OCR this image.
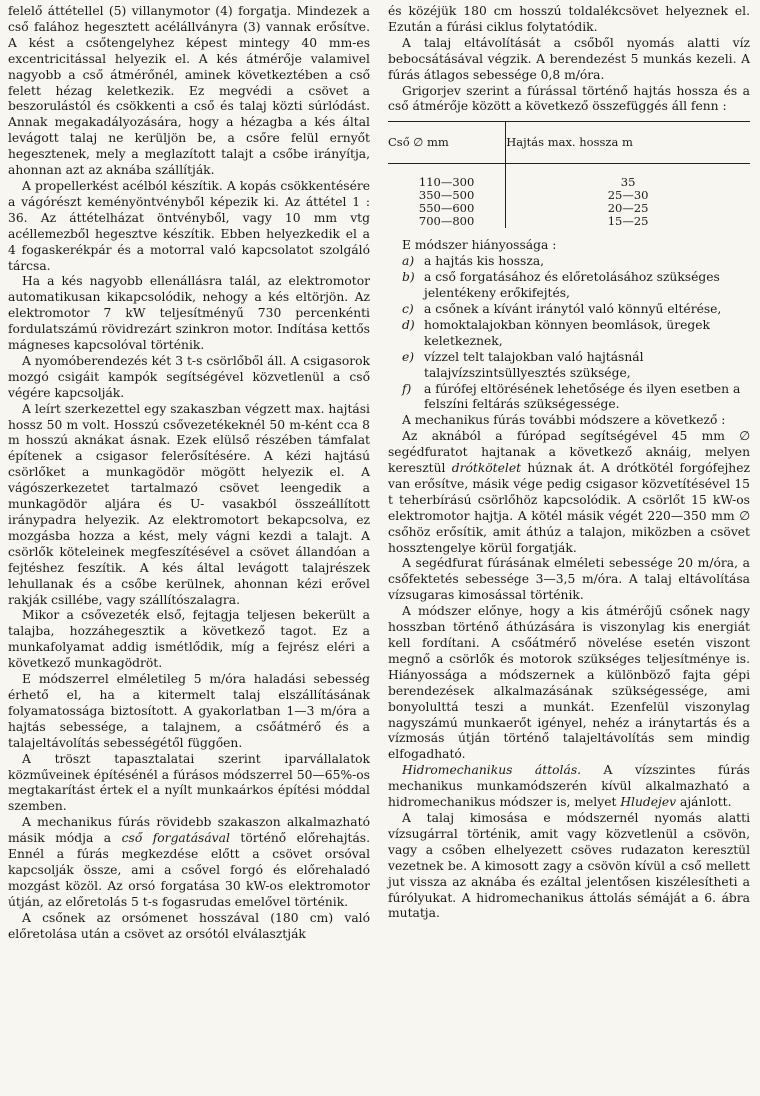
felelő áttétellel (5) villanymotor (4) forgatja. Mindezek a cső falához hegesztett acélállványra (3) vannak erősítve. A kést a csőtengelyhez képest mintegy 40 mm-es excentricitással helyezik el. A kés átmérője valamivel nagyobb a cső átmérőnél, aminek következtében a cső felett hézag keletkezik. Ez megvédi a csövet a beszorulástól és csökkenti a cső és talaj közti súrlódást. Annak megakadályozására, hogy a hézagba a kés által levágott talaj ne kerüljön be, a csőre felül ernyőt hegesztenek, mely a meglazított talajt a csőbe irányítja, ahonnan azt az aknába szállítják.

A propellerkést acélból készítik. A kopás csökkentésére a vágórészt keményöntvényből képezik ki. Az áttétel 1 : 36. Az áttételházat öntvényből, vagy 10 mm vtg acéllemezből hegesztve készítik. Ebben helyezkedik el a 4 fogaskerékpár és a motorral való kapcsolatot szolgáló tárcsa.

Ha a kés nagyobb ellenállásra talál, az elektromotor automatikusan kikapcsolódik, nehogy a kés eltörjön. Az elektromotor 7 kW teljesítményű 730 percenkénti fordulatszámú rövidrezárt szinkron motor. Indítása kettős mágneses kapcsolóval történik.

A nyomóberendezés két 3 t-s csörlőből áll. A csigasorok mozgó csigáit kampók segítségével közvetlenül a cső végére kapcsolják.

A leírt szerkezettel egy szakaszban végzett max. hajtási hossz 50 m volt. Hosszú csővezetékeknél 50 m-ként cca 8 m hosszú aknákat ásnak. Ezek elülső részében támfalat építenek a csigasor felerősítésére. A kézi hajtású csörlőket a munkagödör mögött helyezik el. A vágószerkezetet tartalmazó csövet leengedik a munkagödör aljára és U- vasakból összeállított iránypadra helyezik. Az elektromotort bekapcsolva, ez mozgásba hozza a kést, mely vágni kezdi a talajt. A csörlők köteleinek megfeszítésével a csövet állandóan a fejtéshez feszítik. A kés által levágott talajrészek lehullanak és a csőbe kerülnek, ahonnan kézi erővel rakják csillébe, vagy szállítószalagra.

Mikor a csővezeték első, fejtagja teljesen bekerült a talajba, hozzáhegesztik a következő tagot. Ez a munkafolyamat addig ismétlődik, míg a fejrész eléri a következő munkagödröt.

E módszerrel elméletileg 5 m/óra haladási sebesség érhető el, ha a kitermelt talaj elszállításának folyamatossága biztosított. A gyakorlatban 1—3 m/óra a hajtás sebessége, a talajnem, a csőátmérő és a talajeltávolítás sebességétől függően.

A tröszt tapasztalatai szerint iparvállalatok közműveinek építésénél a fúrásos módszerrel 50—65%-os megtakarítást értek el a nyílt munkaárkos építési móddal szemben.

A mechanikus fúrás rövidebb szakaszon alkalmazható másik módja a cső forgatásával történő előrehajtás. Ennél a fúrás megkezdése előtt a csövet orsóval kapcsolják össze, ami a csővel forgó és előrehaladó mozgást közöl. Az orsó forgatása 30 kW-os elektromotor útján, az előretolás 5 t-s fogasrudas emelővel történik.

A csőnek az orsómenet hosszával (180 cm) való előretolása után a csövet az orsótól elválasztják

és közéjük 180 cm hosszú toldalékcsövet helyeznek el. Ezután a fúrási ciklus folytatódik.

A talaj eltávolítását a csőből nyomás alatti víz bebocsátásával végzik. A berendezést 5 munkás kezeli. A fúrás átlagos sebessége 0,8 m/óra.

Grigorjev szerint a fúrással történő hajtás hossza és a cső átmérője között a következő összefüggés áll fenn :

Cső ∅ mm	Hajtás max. hossza m
110—300	35
350—500	25—30
550—600	20—25
700—800	15—25

E módszer hiányossága :

a) a hajtás kis hossza,
b) a cső forgatásához és előretolásához szükséges jelentékeny erőkifejtés,
c) a csőnek a kívánt iránytól való könnyű eltérése,
d) homoktalajokban könnyen beomlások, üregek keletkeznek,
e) vízzel telt talajokban való hajtásnál talajvízszintsüllyesztés szüksége,
f)	a fúrófej eltörésének lehetősége és ilyen esetben a felszíni feltárás szükségessége.

A mechanikus fúrás további módszere a következő :

Az aknából a fúrópad segítségével 45 mm ∅ segédfuratot hajtanak a következő aknáig, melyen keresztül drótkötelet húznak át. A drótkötél forgófejhez van erősítve, másik vége pedig csigasor közvetítésével 15 t teherbírású csörlőhöz kapcsolódik. A csörlőt 15 kW-os elektromotor hajtja. A kötél másik végét 220—350 mm ∅ csőhöz erősítik, amit áthúz a talajon, miközben a csövet hossztengelye körül forgatják.

A segédfurat fúrásának elméleti sebessége 20 m/óra, a csőfektetés sebessége 3—3,5 m/óra. A talaj eltávolítása vízsugaras kimosással történik.

A módszer előnye, hogy a kis átmérőjű csőnek nagy hosszban történő áthúzására is viszonylag kis energiát kell fordítani. A csőátmérő növelése esetén viszont megnő a csörlők és motorok szükséges teljesítménye is. Hiányossága a módszernek a különböző fajta gépi berendezések alkalmazásának szükségessége, ami bonyolulttá teszi a munkát. Ezenfelül viszonylag nagyszámú munkaerőt igényel, nehéz a iránytartás és a vízmosás útján történő talajeltávolítás sem mindig elfogadható.

Hidromechanikus áttolás. A vízszintes fúrás mechanikus munkamódszerén kívül alkalmazható a hidromechanikus módszer is, melyet Hludejev ajánlott.

A talaj kimosása e módszernél nyomás alatti vízsugárral történik, amit vagy közvetlenül a csövön, vagy a csőben elhelyezett csöves rudazaton keresztül vezetnek be. A kimosott zagy a csövön kívül a cső mellett jut vissza az aknába és ezáltal jelentősen kiszélesítheti a fúrólyukat. A hidromechanikus áttolás sémáját a 6. ábra mutatja.
